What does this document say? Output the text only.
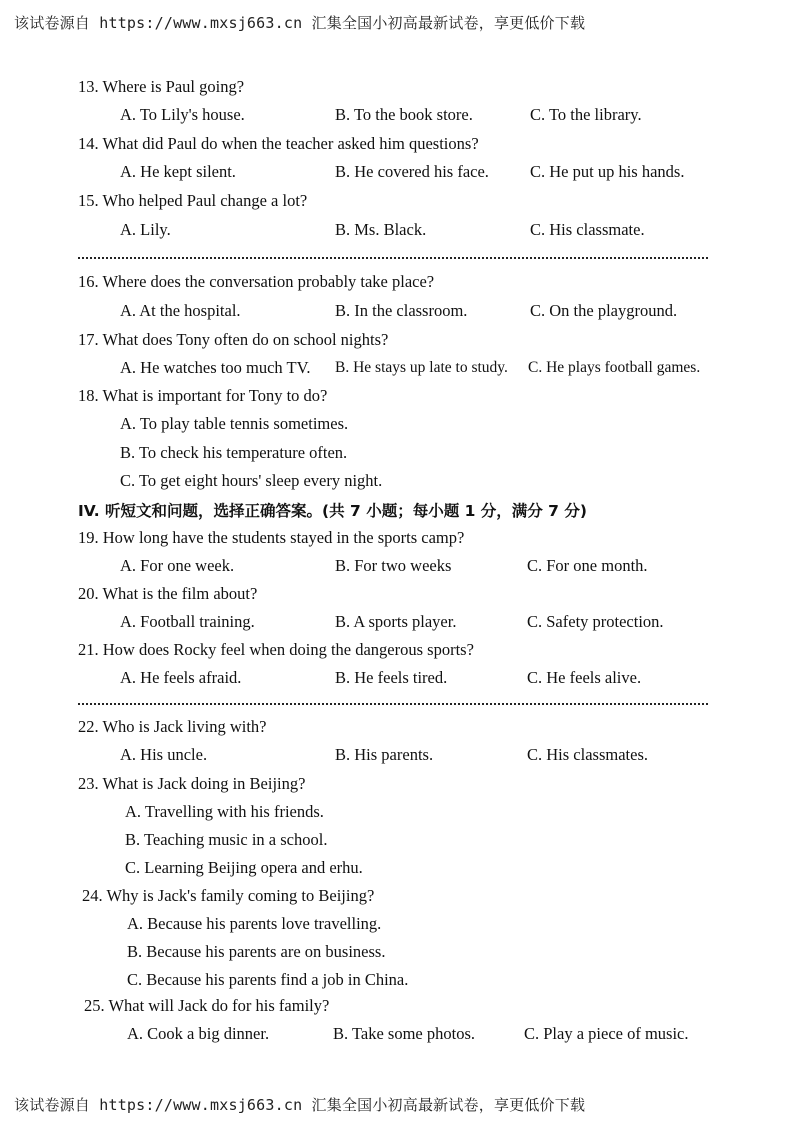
该试卷源自 https://www.mxsj663.cn 汇集全国小初高最新试卷，享更低价下载
13. Where is Paul going?
A. To Lily's house.	B. To the book store.	C. To the library.
14. What did Paul do when the teacher asked him questions?
A. He kept silent.	B. He covered his face. C. He put up his hands.
15. Who helped Paul change a lot?
A. Lily.	B. Ms. Black.	C. His classmate.
16. Where does the conversation probably take place?
A. At the hospital.	B. In the classroom.	C. On the playground.
17. What does Tony often do on school nights?
A. He watches too much TV. B. He stays up late to study. C. He plays football games.
18. What is important for Tony to do?
A. To play table tennis sometimes.
B. To check his temperature often.
C. To get eight hours' sleep every night.
IV. 听短文和问题，选择正确答案。(共 7 小题；每小题 1 分，满分 7 分)
19. How long have the students stayed in the sports camp?
A. For one week.	B. For two weeks	C. For one month.
20. What is the film about?
A. Football training.	B. A sports player.	C. Safety protection.
21. How does Rocky feel when doing the dangerous sports?
A. He feels afraid.	B. He feels tired.	C. He feels alive.
22. Who is Jack living with?
A. His uncle.	B. His parents.	C. His classmates.
23. What is Jack doing in Beijing?
A. Travelling with his friends.
B. Teaching music in a school.
C. Learning Beijing opera and erhu.
24. Why is Jack's family coming to Beijing?
A. Because his parents love travelling.
B. Because his parents are on business.
C. Because his parents find a job in China.
25. What will Jack do for his family?
A. Cook a big dinner.	B. Take some photos.	C. Play a piece of music.
该试卷源自 https://www.mxsj663.cn 汇集全国小初高最新试卷，享更低价下载
